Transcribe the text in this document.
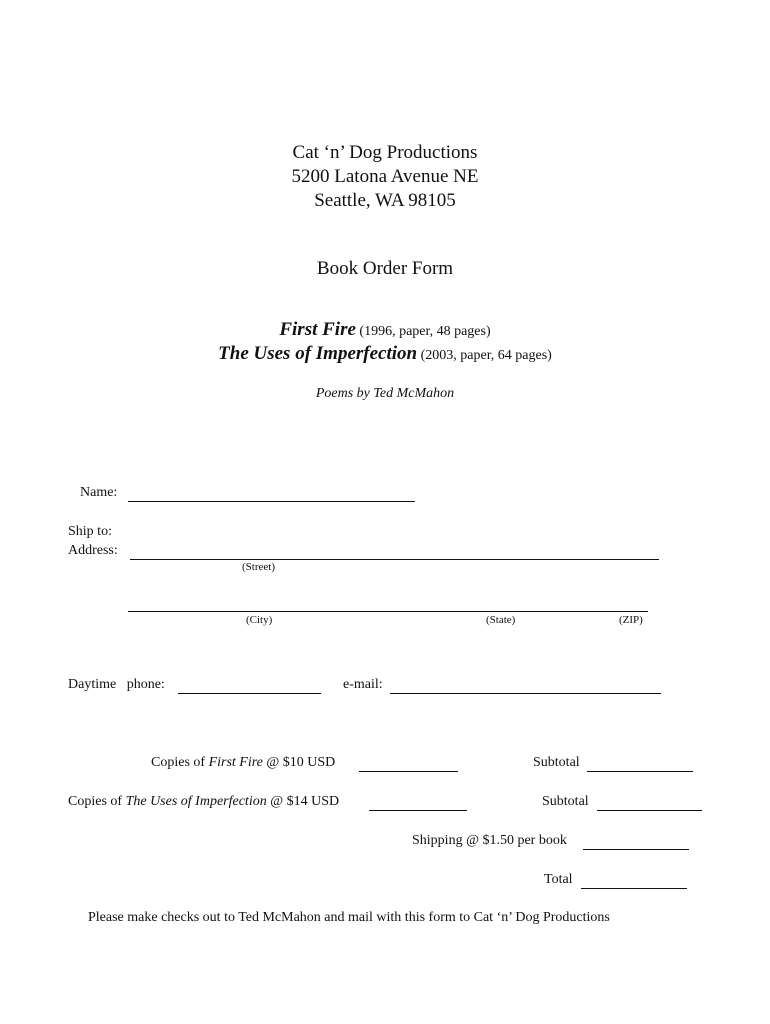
Cat ‘n’ Dog Productions
5200 Latona Avenue NE
Seattle, WA 98105
Book Order Form
First Fire (1996, paper, 48 pages)
The Uses of Imperfection (2003, paper, 64 pages)
Poems by Ted McMahon
Name:
Ship to:
Address:
(Street)
(City)	(State)	(ZIP)
Daytime phone:	e-mail:
Copies of First Fire @ $10 USD	Subtotal
Copies of The Uses of Imperfection @ $14 USD	Subtotal
Shipping @ $1.50 per book
Total
Please make checks out to Ted McMahon and mail with this form to Cat ‘n’ Dog Productions
